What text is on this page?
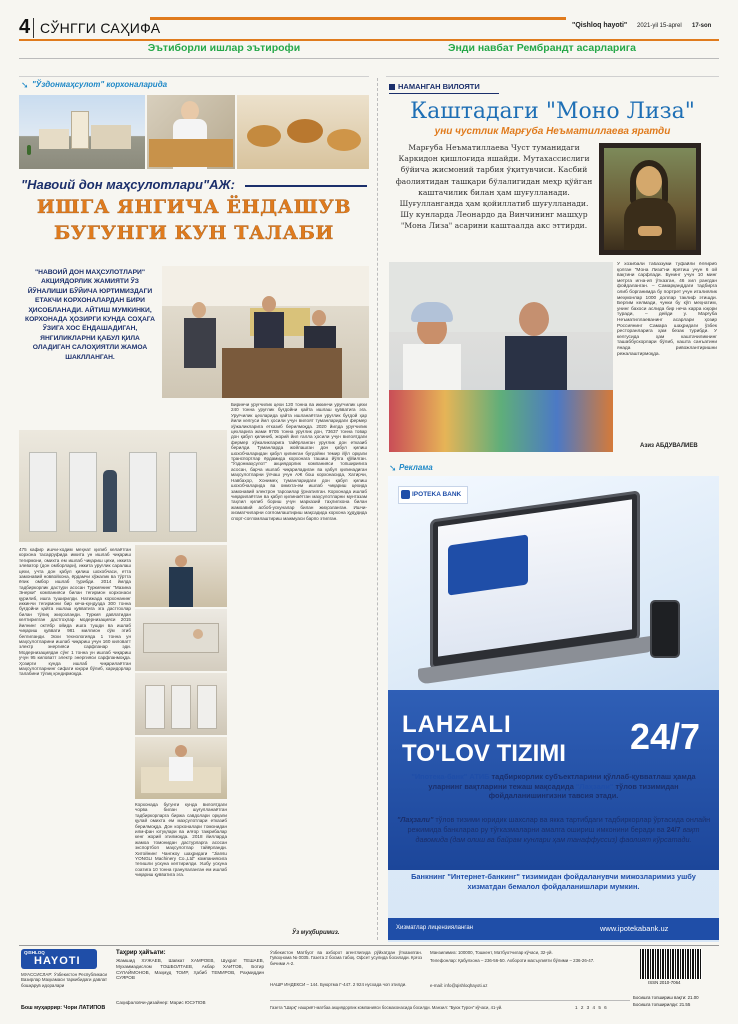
4 СЎНГГИ САҲИФА	"Qishloq hayoti" 2021-yil 15-aprel 17-son
Эътиборли ишлар эътирофи	Энди навбат Рембрандт асарларига
➘ "Ўздонмаҳсулот" корхоналарида
"Навоий дон маҳсулотлари"АЖ:
ИШГА ЯНГИЧА ЁНДАШУВ
БУГУНГИ КУН ТАЛАБИ
"НАВОИЙ ДОН МАҲСУЛОТЛАРИ" АКЦИЯДОРЛИК ЖАМИЯТИ ЎЗ ЙЎНАЛИШИ БЎЙИЧА ЮРТИМИЗДАГИ ЕТАКЧИ КОРХОНАЛАРДАН БИРИ ҲИСОБЛАНАДИ. АЙТИШ МУМКИНКИ, КОРХОНАДА ҲОЗИРГИ КУНДА СОҲАГА ЎЗИГА ХОС ЁНДАШАДИГАН, ЯНГИЛИКЛАРНИ ҚАБУЛ ҚИЛА ОЛАДИГАН САЛОҲИЯТЛИ ЖАМОА ШАКЛЛАНГАН.
475 кафир ишчи-ходим меҳнат қилиб келаётган корхона тасарруфида иккита ун ишлаб чиқариш тегирмони, омихта ем ишлаб чиқариш цехи, иккита элеватор (дон омборлари), иккита уруғлик саралаш цехи, учта дон қабул қилиш шохобчаси, етта замонавий новвойхона, ёрдамчи хўжалик ва тўртта ёпик омбор ишлаб турибди. 2014 йилда тадбиркорлик дастури асосан Туркиянинг "Мазина Энерки" компанияси билан тегирмон корхонаси қурилиб, ишга туширилди. Натижада корхонанинг иккинчи тегирмони бир кеча-кундузда 300 тонна буғдойни қайта ишлаш қувватига эга дастгохлар билан тўлиқ жиҳозланди. Туркия давлатидан келтирилган дастгоҳлар модернизацияси 2015 йилнинг октябр ойида ишга тушди ва ишлаб чиқариш қуввати 981 миллион сўм этиб белгиланди. Эски технологияда 1 тонна ун маҳсулотларини ишлаб чиқариш учун 160 киловатт электр энергияси сарфланар эди. Модернизациядан сўнг 1 тонна ун ишлаб чиқариш учун 95 киловатт электр энергияси сарфланмоқда. Ҳозирги кунда ишлаб чиқарилаётган маҳсулотларнинг сифати юқори бўлиб, харидорлар талабини тўлиқ қондирмоқда.
Корхонада бугунги кунда вилоятдаги чорва билан шуғулланаётган тадбиркорларга биржа савдолари орқали қулай омихта ем маҳсулотлари етказиб берилмоқда. Дон корхоналари томонидан илм-фан ютуқлари ва илғор тажрибалар кенг жорий этилмоқда. 2018 йилларда жамоа томонидан дастурларга асосан экспортбоп маҳсулотлар тайёрланди. Хитойнинг Чангжоу шаҳридаги "Jiansu YONGLI Machinery Co.,Ltd" компаниясига тегишли ускуна келтирилди. Ушбу ускуна соатига 10 тонна гранулаланган ем ишлаб чиқариш қувватига эга.
Биринчи уруғчилик цехи 120 тонна ва иккинчи уруғчилик цехи 240 тонна уруғлик буғдойни қайта ишлаш қувватига эга. Уруғчилик цехларида қайта ишланаётган уруғлик буғдой ҳар йили келгуси йил ҳосили учун вилоят туманларидаги фермер хўжаликларига етказиб берилмоқда. 2020 йилда уруғчилик цехларига жами 9705 тонна уруғлик дон, 73637 тонна товар дон қабул қилиниб, жорий йил ғалла ҳосили учун вилоятдаги фермер хўжаликларига тайёрланган уруғлик дон етказиб берилди. Туманларда жойлашган дон қабул қилиш шохобчаларидан қабул қилинган буғдойни темир йўл орқали транспортлар ёрдамида корхонага ташиш йўлга қўйилган. "Ўздонмаҳсулот" акциядорлик компанияси топшириғига асосан, барча ишлаб чиқариладиган ва қабул қилинадиган маҳсулотларни ўлчаш учун АЖ бош корхонасида, Хатирчи, Навбаҳор, Хонимеҳ туманларидаги дон қабул қилиш шохобчаларида ва омихта-ем ишлаб чиқариш цехида замонавий электрон тарозилар ўрнатилган. Корхонада ишлаб чиқарилаётган ва қабул қилинаётган маҳсулотларни мунтазам таҳлил қилиб бориш учун марказий таҳлилхона билан жамоавий асбоб-ускуналар билан жиҳозланган. Ишчи-хизматчиларни соғломлаштириш мақсадида корхона ҳудудида спорт-соғломлаштириш мажмуаси барпо этилган.
Ўз муҳбиримиз.
НАМАНГАН ВИЛОЯТИ
Каштадаги "Моно Лиза"
уни чустлик Марғуба Неъматиллаева яратди
Марғуба Неъматиллаева Чуст туманидаги Каркидон қишлоғида яшайди. Мутахассислиги бўйича жисмоний тарбия ўқитувчиси. Касбий фаолиятидан ташқари бўлалигидан меҳр қўйган каштачилик билан ҳам шуғулланади. Шуғулланганда ҳам қойиллатиб шуғулланади. Шу кунларда Леонардо да Винчининг машҳур "Мона Лиза" асарини каштаалда акс эттирди.
У хозибали табаззуми туфайли ёлғириб қолган "Мона Лиза"ни ярятиш учун 6 ой вақтини сарфлади. Бунинг учун 10 минг метрга игна-ип ўтказган, 46 хил рангдан фойдаланган. – Самарқанддаги тадбирга олиб борганимда бу портрет учун италиялик меҳмонлар 1000 доллар таклиф этишди. Бергим келмади, чунки бу кўп меҳнатим, унинг бахоси аслида бир неча карра юқори туради, – дейди у. Марғуба Неъматиллаеванинг асарлари ҳозир Россиянинг Самара шаҳридаги ўзбек ресторанларига ҳам безак турибди. У келгусида ҳам каштачиликнинг ташаббускорлари бўлиб, кашта санъатини янада ривожлантиришни режалаштирмоқда.
Азиз АБДУВАЛИЕВ
➘ Реклама
IPOTEKA BANK
LAHZALI
TO'LOV TIZIMI 24/7
"Ипотека-банк" АТИБ тадбиркорлик субъектларини қўллаб-қувватлаш ҳамда уларнинг вақтларини тежаш мақсадида "Лаҳзали" тўлов тизимидан фойдаланишингизни тавсия этади.
"Лаҳзали" тўлов тизими юридик шахслар ва якка тартибдаги тадбиркорлар ўртасида онлайн режимида банкларао ру тўгказмаларни амалга ошириш имконини беради ва 24/7 вақт давомида (дам олиш ва байрам кунлари ҳам танаффуссиз) фаолият кўрсатади.
Банкнинг "Интернет-банкинг" тизимидан фойдаланувчи мижозларимиз ушбу хизматдан бемалол фойдаланишлари мумкин.
Хизматлар лицензияланган	www.ipotekabank.uz
QISHLOQ
HAYOTI
МУАССИСЛАР: Ўзбекистон Республикаси Вазирлар Маҳкамаси таркибидаги давлат бошқарув идоралари
Бош муҳаррир: Чори ЛАТИПОВ
Таҳрир ҳайъати:
Жамшид ХУЖАЕВ, Шавкат ХАМРОЕВ, Шуҳрат ТЕШАЕВ, Мухаммадислом ТОШБОЛТАЕВ, Акбар ХАИТОВ, Ботир СУЛАЙМОНОВ, Маҳмуд ТОИР, Ҳабиб ТЕМИРОВ, Раҳмиддин СУЯРОВ
Саҳифаловчи-дизайнер: Марис ЮСУПОВ
Ўзбекистон Матбуот ва ахборот агентлигида рўйхатдан ўтказилган. Гувоҳнома № 0035. Газета 2 босма табоқ. Офсет усулида босилади. Қоғоз бичими А-2.
НАШР ИНДЕКСИ – 144. Буюртма Г-447. 2 924 нусхада чоп этилди.
Манзилимиз: 100000, Тошкент, Матбуотчилар кўчаси, 32-уй.
Телефонлар: Қабулхона – 236-56-50. Ахбороти масъулияти бўлими – 236-26-47.
e-mail: info@qishloqhayoti.uz
ISSN 2010-7064
Босишга топшириш вақти: 21.00
Босишга топширилди: 21.55
Газета "Шарқ" нашриёт-матбаа акциядорлик компанияси босмахонасида босилди. Манзил: "Буюк Турон" кўчаси, 41-уй.	1 2 3 4 5 6
